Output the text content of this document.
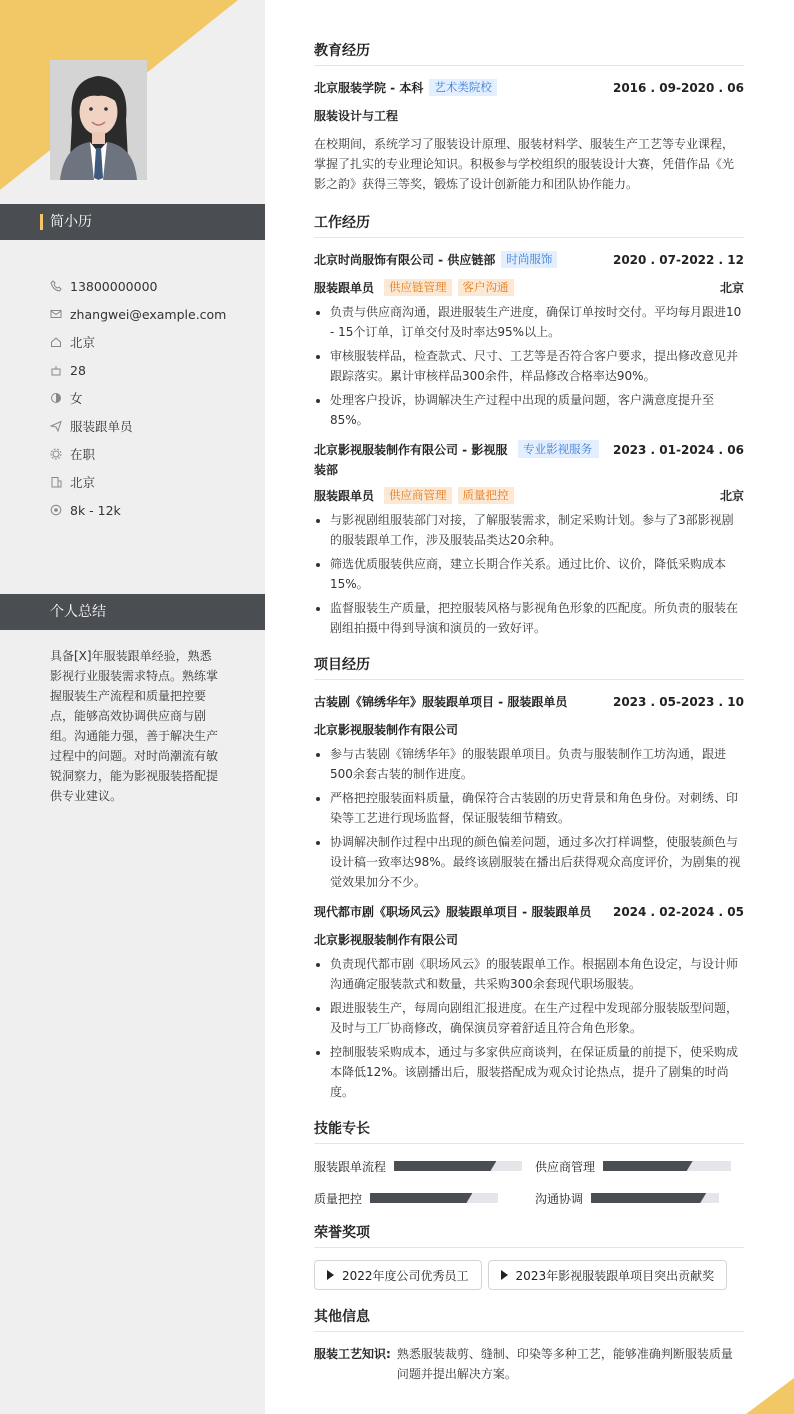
简小历
13800000000
zhangwei@example.com
北京
28
女
服装跟单员
在职
北京
8k - 12k
个人总结
具备[X]年服装跟单经验，熟悉影视行业服装需求特点。熟练掌握服装生产流程和质量把控要点，能够高效协调供应商与剧组。沟通能力强，善于解决生产过程中的问题。对时尚潮流有敏锐洞察力，能为影视服装搭配提供专业建议。
教育经历
北京服装学院 - 本科 艺术类院校	2016 . 09-2020 . 06
服装设计与工程
在校期间，系统学习了服装设计原理、服装材料学、服装生产工艺等专业课程，掌握了扎实的专业理论知识。积极参与学校组织的服装设计大赛，凭借作品《光影之韵》获得三等奖，锻炼了设计创新能力和团队协作能力。
工作经历
北京时尚服饰有限公司 - 供应链部 时尚服饰	2020 . 07-2022 . 12
服装跟单员 供应链管理 客户沟通	北京
• 负责与供应商沟通，跟进服装生产进度，确保订单按时交付。平均每月跟进10 - 15个订单，订单交付及时率达95%以上。
• 审核服装样品，检查款式、尺寸、工艺等是否符合客户要求，提出修改意见并跟踪落实。累计审核样品300余件，样品修改合格率达90%。
• 处理客户投诉，协调解决生产过程中出现的质量问题，客户满意度提升至85%。
北京影视服装制作有限公司 - 影视服装部
专业影视服务	2023 . 01-2024 . 06
服装跟单员 供应商管理 质量把控	北京
• 与影视剧组服装部门对接，了解服装需求，制定采购计划。参与了3部影视剧的服装跟单工作，涉及服装品类达20余种。
• 筛选优质服装供应商，建立长期合作关系。通过比价、议价，降低采购成本15%。
• 监督服装生产质量，把控服装风格与影视角色形象的匹配度。所负责的服装在剧组拍摄中得到导演和演员的一致好评。
项目经历
古装剧《锦绣华年》服装跟单项目 - 服装跟单员	2023 . 05-2023 . 10
北京影视服装制作有限公司
• 参与古装剧《锦绣华年》的服装跟单项目。负责与服装制作工坊沟通，跟进500余套古装的制作进度。
• 严格把控服装面料质量，确保符合古装剧的历史背景和角色身份。对刺绣、印染等工艺进行现场监督，保证服装细节精致。
• 协调解决制作过程中出现的颜色偏差问题，通过多次打样调整，使服装颜色与设计稿一致率达98%。最终该剧服装在播出后获得观众高度评价，为剧集的视觉效果加分不少。
现代都市剧《职场风云》服装跟单项目 - 服装跟单员 2024 . 02-2024 . 05
北京影视服装制作有限公司
• 负责现代都市剧《职场风云》的服装跟单工作。根据剧本角色设定，与设计师沟通确定服装款式和数量，共采购300余套现代职场服装。
• 跟进服装生产，每周向剧组汇报进度。在生产过程中发现部分服装版型问题，及时与工厂协商修改，确保演员穿着舒适且符合角色形象。
• 控制服装采购成本，通过与多家供应商谈判，在保证质量的前提下，使采购成本降低12%。该剧播出后，服装搭配成为观众讨论热点，提升了剧集的时尚度。
技能专长
服装跟单流程	供应商管理
质量把控	沟通协调
荣誉奖项
2022年度公司优秀员工	2023年影视服装跟单项目突出贡献奖
其他信息
服装工艺知识: 熟悉服装裁剪、缝制、印染等多种工艺，能够准确判断服装质量问题并提出解决方案。
